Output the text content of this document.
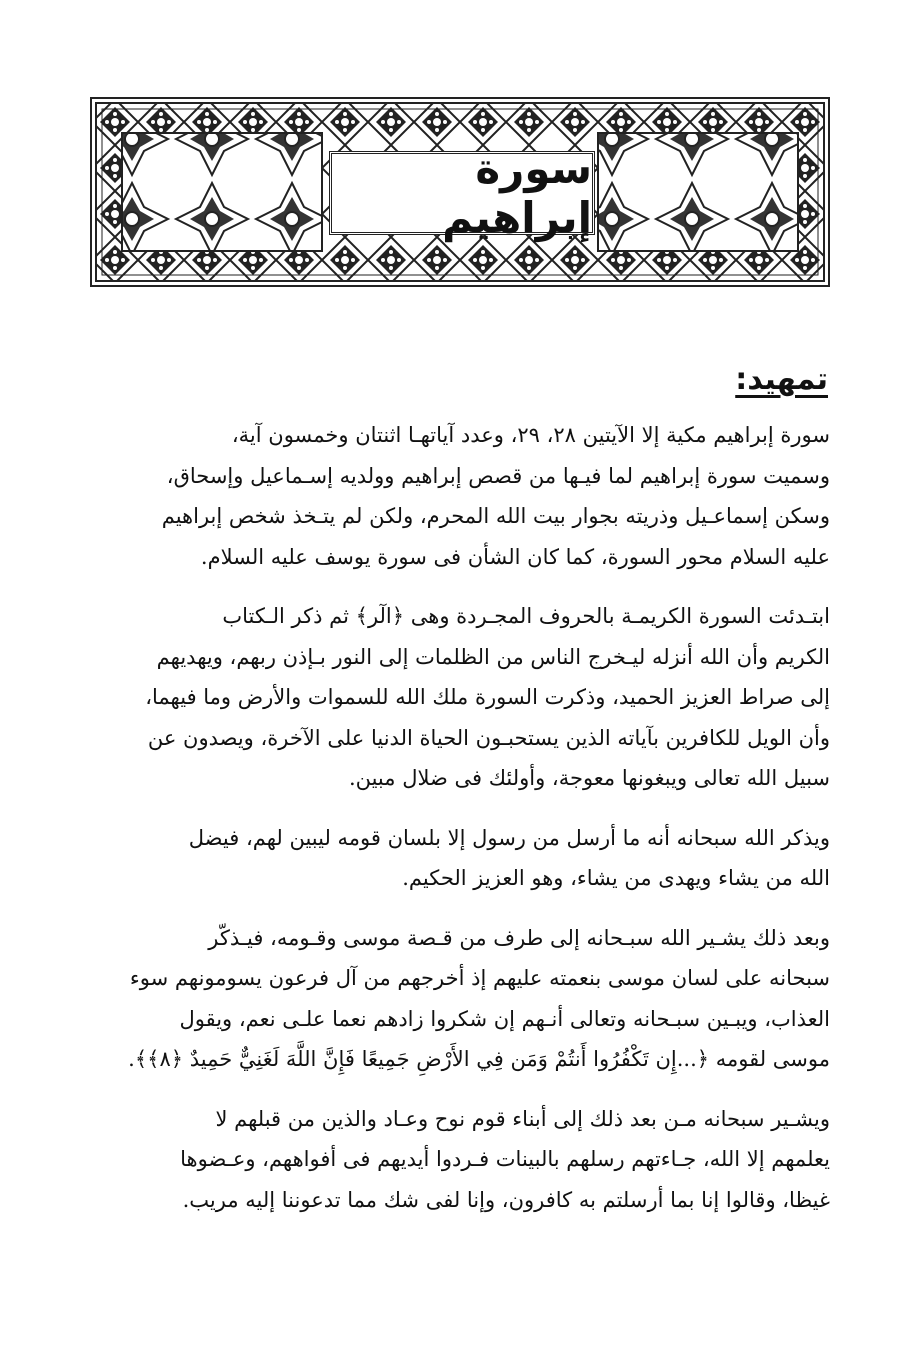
سورة إبراهيم
تمهيد:

سورة إبراهيم مكية إلا الآيتين ٢٨، ٢٩، وعدد آياتهـا اثنتان وخمسون آية،

وسميت سورة إبراهيم لما فيـها من قصص إبراهيم وولديه إسـماعيل وإسحاق،

وسكن إسماعـيل وذريته بجوار بيت الله المحرم، ولكن لم يتـخذ شخص إبراهيم

عليه السلام محور السورة، كما كان الشأن فى سورة يوسف عليه السلام.

ابتـدئت السورة الكريمـة بالحروف المجـردة وهى ﴿الٓر﴾ ثم ذكر الـكتاب

الكريم وأن الله أنزله ليـخرج الناس من الظلمات إلى النور بـإذن ربهم، ويهديهم

إلى صراط العزيز الحميد، وذكرت السورة ملك الله للسموات والأرض وما فيهما،

وأن الويل للكافرين بآياته الذين يستحبـون الحياة الدنيا على الآخرة، ويصدون عن

سبيل الله تعالى ويبغونها معوجة، وأولئك فى ضلال مبين.

ويذكر الله سبحانه أنه ما أرسل من رسول إلا بلسان قومه ليبين لهم، فيضل

الله من يشاء ويهدى من يشاء، وهو العزيز الحكيم.

وبعد ذلك يشـير الله سبـحانه إلى طرف من قـصة موسى وقـومه، فيـذكّر

سبحانه على لسان موسى بنعمته عليهم إذ أخرجهم من آل فرعون يسومونهم سوء

العذاب، ويبـين سبـحانه وتعالى أنـهم إن شكروا زادهم نعما علـى نعم، ويقول

موسى لقومه ﴿...إِن تَكْفُرُوا أَنتُمْ وَمَن فِي الأَرْضِ جَمِيعًا فَإِنَّ اللَّهَ لَغَنِيٌّ حَمِيدٌ ﴿٨﴾﴾.

ويشـير سبحانه مـن بعد ذلك إلى أبناء قوم نوح وعـاد والذين من قبلهم لا

يعلمهم إلا الله، جـاءتهم رسلهم بالبينات فـردوا أيديهم فى أفواههم، وعـضوها

غيظا، وقالوا إنا بما أرسلتم به كافرون، وإنا لفى شك مما تدعوننا إليه مريب.
